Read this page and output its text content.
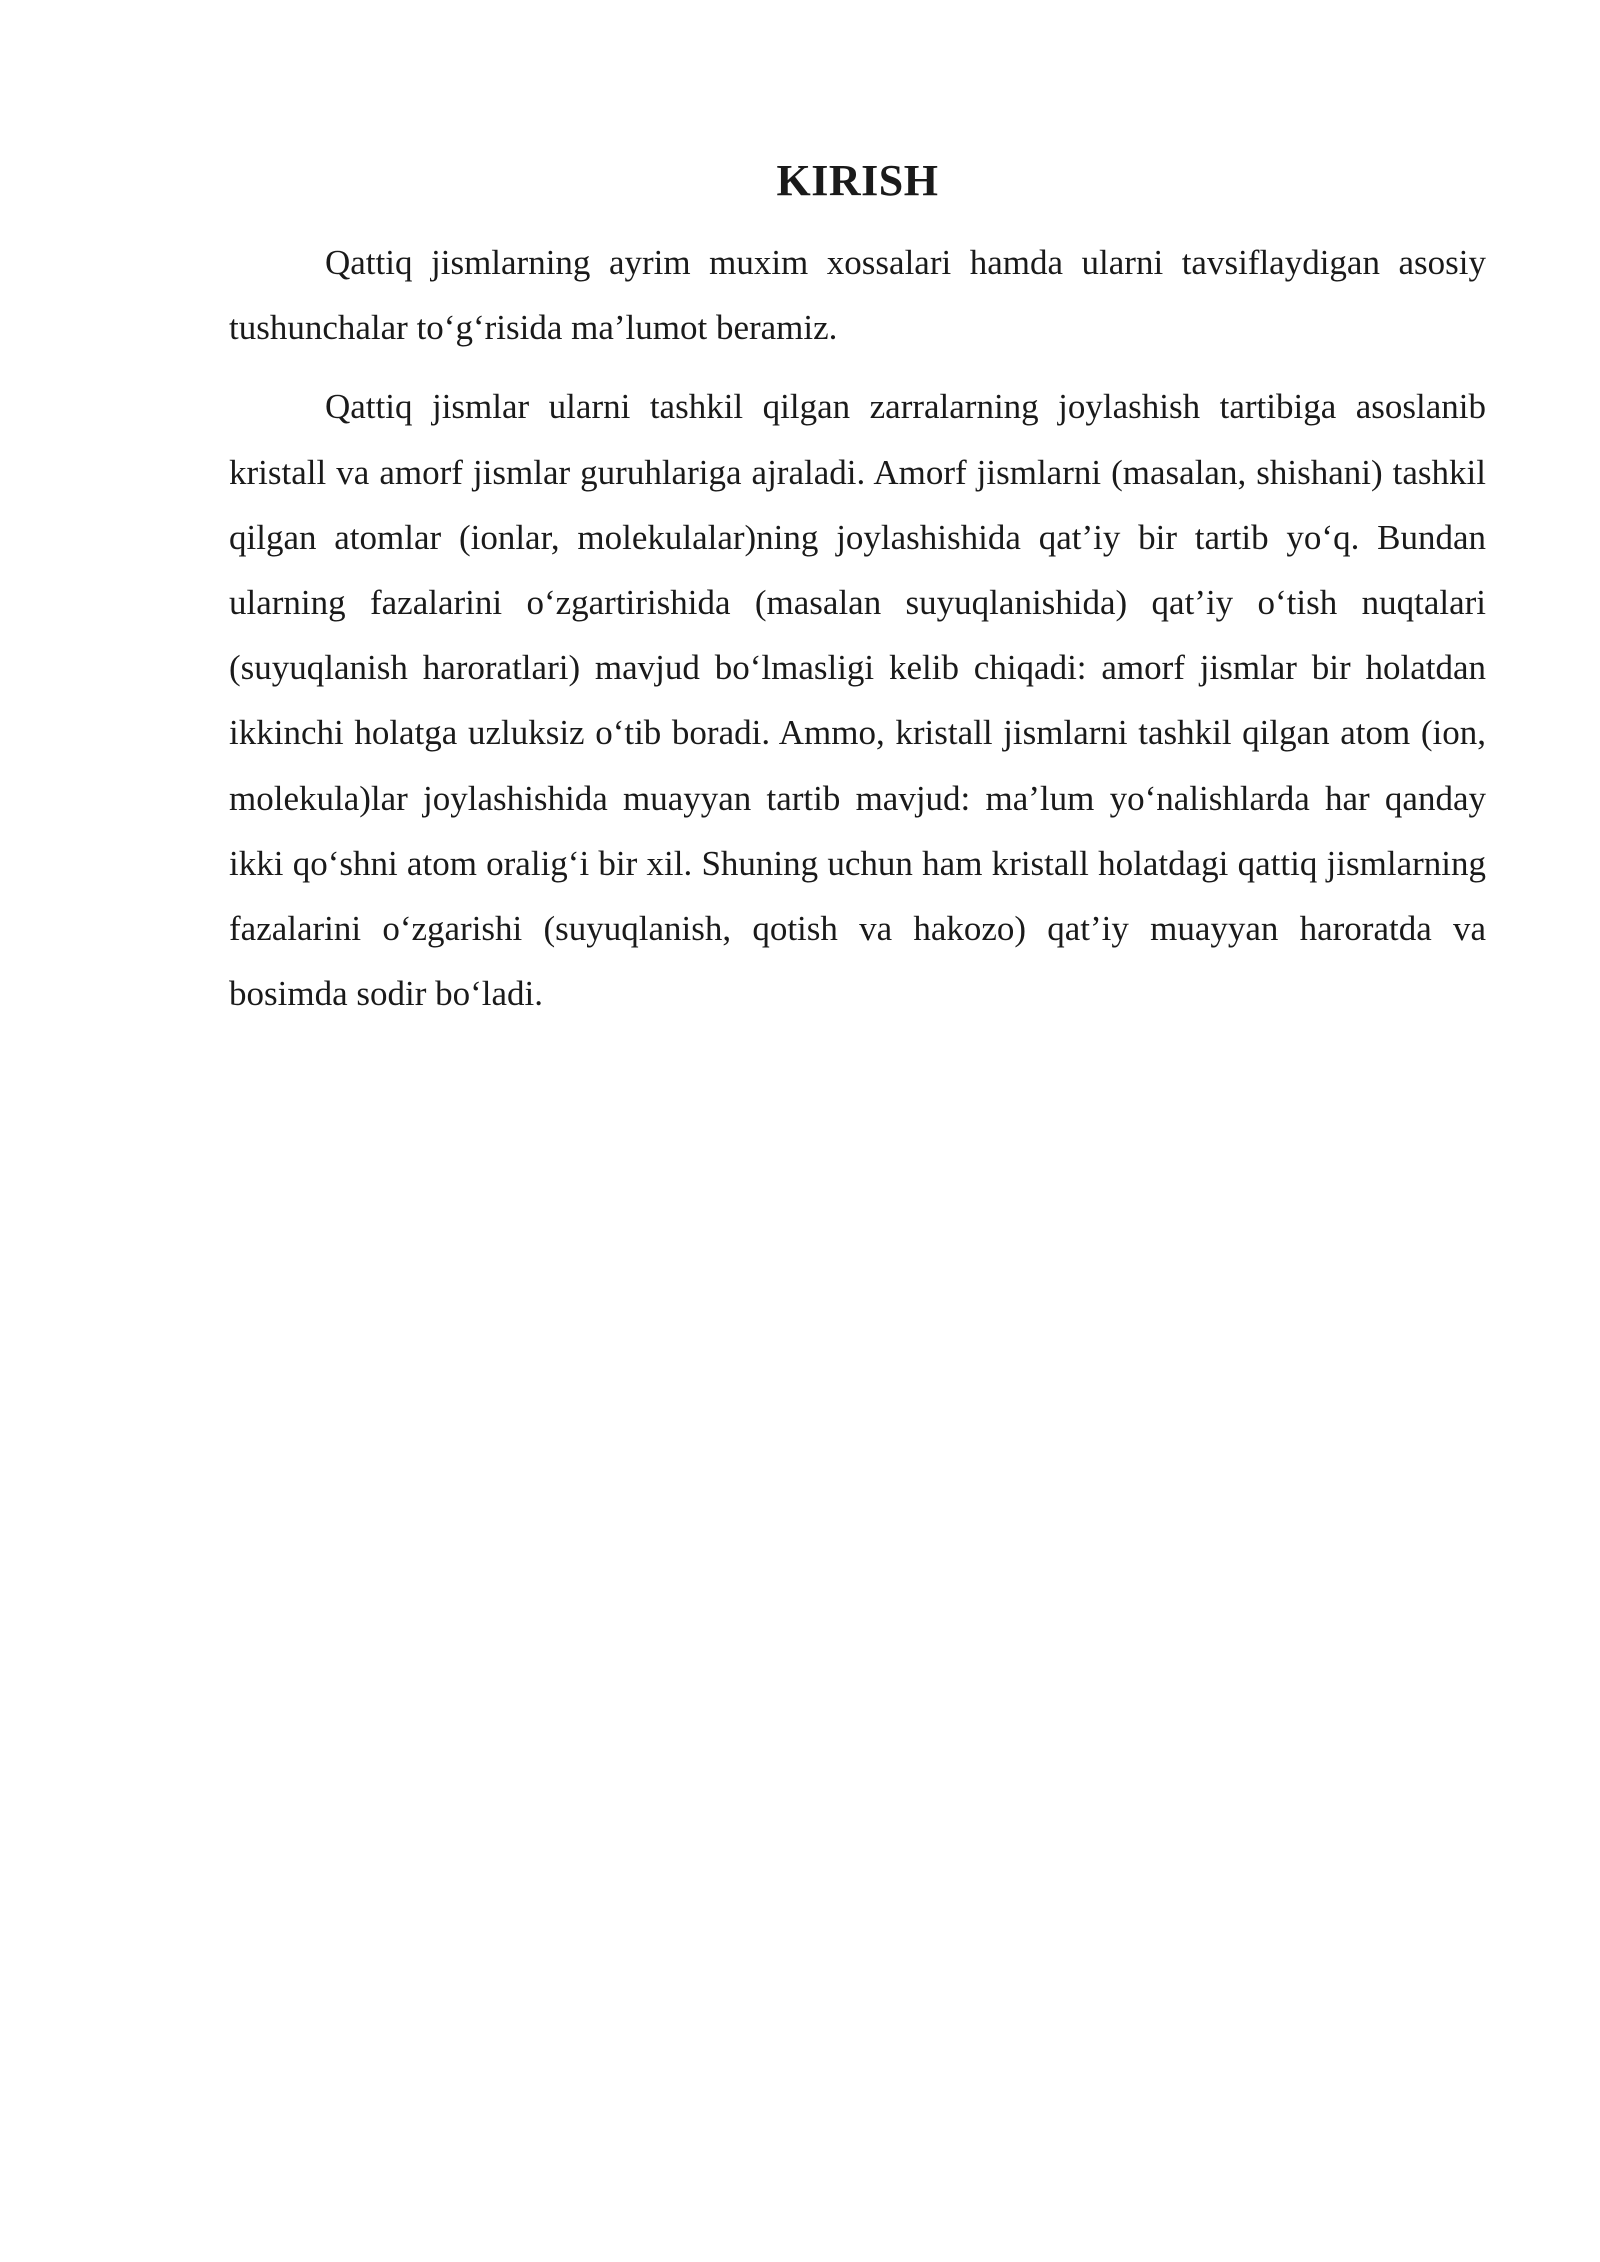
KIRISH

Qattiq jismlarning ayrim muxim xossalari hamda ularni tavsiflaydigan asosiy tushunchalar to‘g‘risida ma’lumot beramiz.

Qattiq jismlar ularni tashkil qilgan zarralarning joylashish tartibiga asoslanib kristall va amorf jismlar guruhlariga ajraladi. Amorf jismlarni (masalan, shishani) tashkil qilgan atomlar (ionlar, molekulalar)ning joylashishida qat’iy bir tartib yo‘q. Bundan ularning fazalarini o‘zgartirishida (masalan suyuqlanishida) qat’iy o‘tish nuqtalari (suyuqlanish haroratlari) mavjud bo‘lmasligi kelib chiqadi: amorf jismlar bir holatdan ikkinchi holatga uzluksiz o‘tib boradi. Ammo, kristall jismlarni tashkil qilgan atom (ion, molekula)lar joylashishida muayyan tartib mavjud: ma’lum yo‘nalishlarda har qanday ikki qo‘shni atom oralig‘i bir xil. Shuning uchun ham kristall holatdagi qattiq jismlarning fazalarini o‘zgarishi (suyuqlanish, qotish va hakozo) qat’iy muayyan haroratda va bosimda sodir bo‘ladi.
